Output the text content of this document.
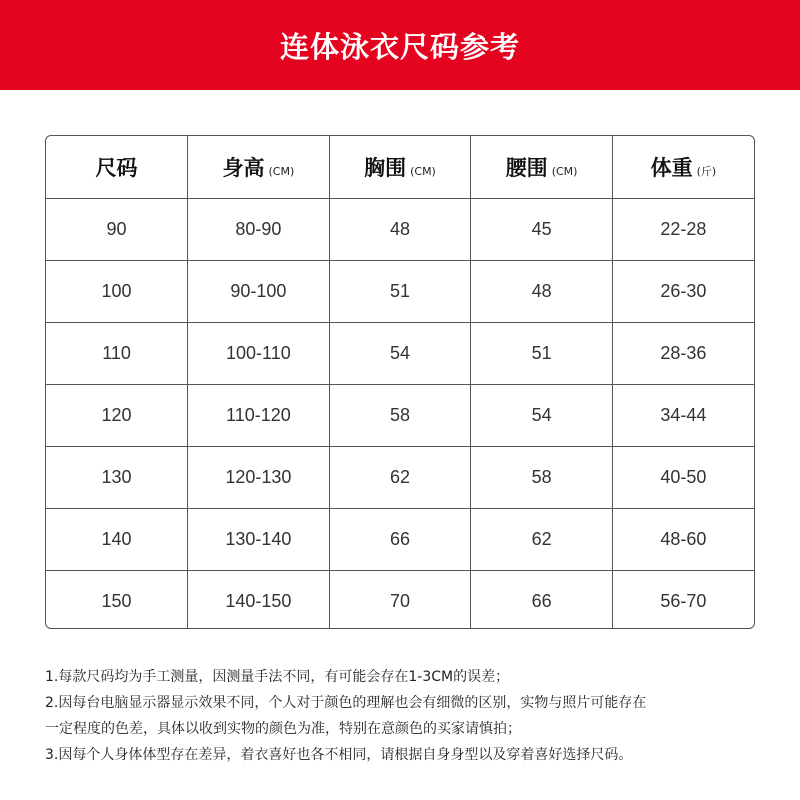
连体泳衣尺码参考
尺码	身高 (CM)	胸围 (CM)	腰围 (CM)	体重 (斤)
90	80-90	48	45	22-28
100	90-100	51	48	26-30
110	100-110	54	51	28-36
120	110-120	58	54	34-44
130	120-130	62	58	40-50
140	130-140	66	62	48-60
150	140-150	70	66	56-70

1.每款尺码均为手工测量，因测量手法不同，有可能会存在1-3CM的误差；

2.因每台电脑显示器显示效果不同，个人对于颜色的理解也会有细微的区别，实物与照片可能存在

一定程度的色差，具体以收到实物的颜色为准，特别在意颜色的买家请慎拍；

3.因每个人身体体型存在差异，着衣喜好也各不相同，请根据自身身型以及穿着喜好选择尺码。
